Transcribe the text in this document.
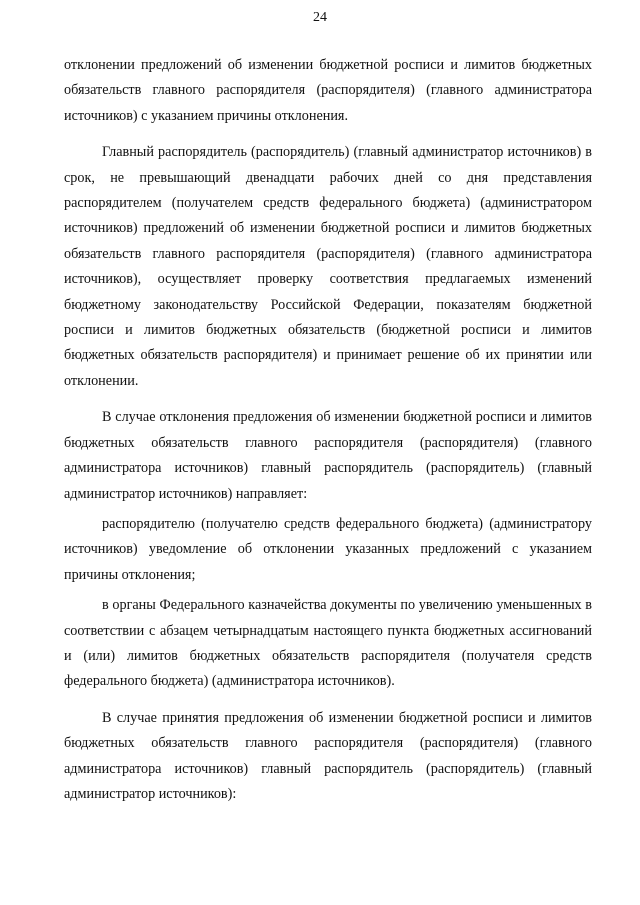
24

отклонении предложений об изменении бюджетной росписи и лимитов бюджетных обязательств главного распорядителя (распорядителя) (главного администратора источников) с указанием причины отклонения.

Главный распорядитель (распорядитель) (главный администратор источников) в срок, не превышающий двенадцати рабочих дней со дня представления распорядителем (получателем средств федерального бюджета) (администратором источников) предложений об изменении бюджетной росписи и лимитов бюджетных обязательств главного распорядителя (распорядителя) (главного администратора источников), осуществляет проверку соответствия предлагаемых изменений бюджетному законодательству Российской Федерации, показателям бюджетной росписи и лимитов бюджетных обязательств (бюджетной росписи и лимитов бюджетных обязательств распорядителя) и принимает решение об их принятии или отклонении.

В случае отклонения предложения об изменении бюджетной росписи и лимитов бюджетных обязательств главного распорядителя (распорядителя) (главного администратора источников) главный распорядитель (распорядитель) (главный администратор источников) направляет:

распорядителю (получателю средств федерального бюджета) (администратору источников) уведомление об отклонении указанных предложений с указанием причины отклонения;

в органы Федерального казначейства документы по увеличению уменьшенных в соответствии с абзацем четырнадцатым настоящего пункта бюджетных ассигнований и (или) лимитов бюджетных обязательств распорядителя (получателя средств федерального бюджета) (администратора источников).

В случае принятия предложения об изменении бюджетной росписи и лимитов бюджетных обязательств главного распорядителя (распорядителя) (главного администратора источников) главный распорядитель (распорядитель) (главный администратор источников):
